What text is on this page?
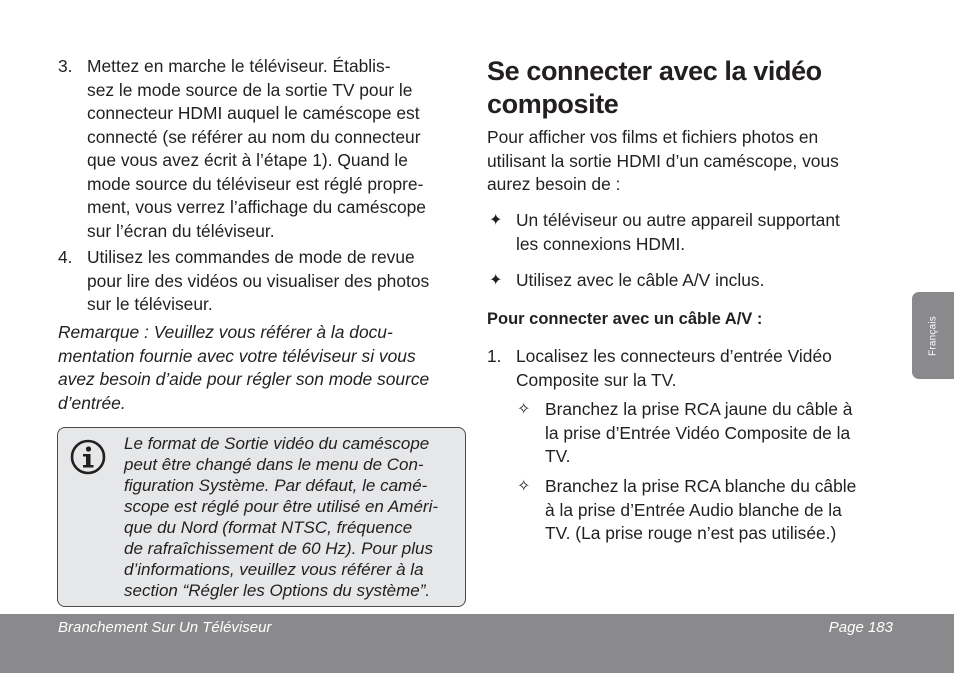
3. Mettez en marche le téléviseur. Établis-
sez le mode source de la sortie TV pour le
connecteur HDMI auquel le caméscope est
connecté (se référer au nom du connecteur
que vous avez écrit à l’étape 1). Quand le
mode source du téléviseur est réglé propre-
ment, vous verrez l’affichage du caméscope
sur l’écran du téléviseur.
4. Utilisez les commandes de mode de revue
pour lire des vidéos ou visualiser des photos
sur le téléviseur.
Remarque : Veuillez vous référer à la docu-
mentation fournie avec votre téléviseur si vous
avez besoin d’aide pour régler son mode source
d’entrée.
Le format de Sortie vidéo du caméscope
peut être changé dans le menu de Con-
figuration Système. Par défaut, le camé-
scope est réglé pour être utilisé en Améri-
que du Nord (format NTSC, fréquence
de rafraîchissement de 60 Hz). Pour plus
d’informations, veuillez vous référer à la
section “Régler les Options du système”.
Se connecter avec la vidéo
composite
Pour afficher vos films et fichiers photos en
utilisant la sortie HDMI d’un caméscope, vous
aurez besoin de :
✦ Un téléviseur ou autre appareil supportant
les connexions HDMI.
✦ Utilisez avec le câble A/V inclus.
Pour connecter avec un câble A/V :
1. Localisez les connecteurs d’entrée Vidéo
Composite sur la TV.
✧ Branchez la prise RCA jaune du câble à
la prise d’Entrée Vidéo Composite de la
TV.
✧ Branchez la prise RCA blanche du câble
à la prise d’Entrée Audio blanche de la
TV. (La prise rouge n’est pas utilisée.)
Français
Branchement Sur Un Téléviseur	Page 183
